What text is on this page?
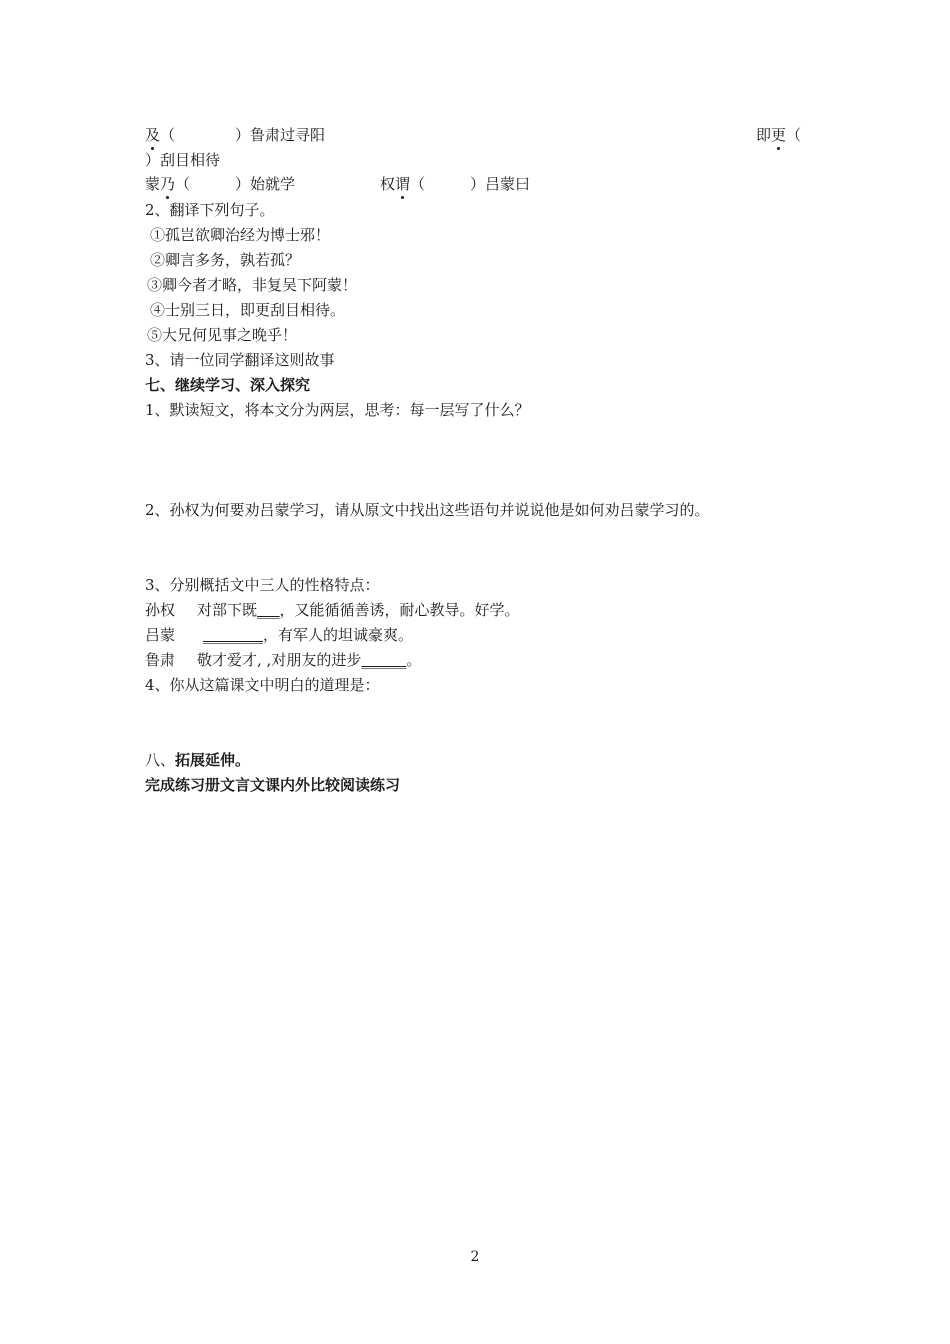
及（　　　　）鲁肃过寻阳	即更（
）刮目相待
蒙乃（　　　）始就学	权谓（　　　）吕蒙曰
2、翻译下列句子。
①孤岂欲卿治经为博士邪！
②卿言多务，孰若孤？
③卿今者才略，非复吴下阿蒙！
④士别三日，即更刮目相待。
⑤大兄何见事之晚乎！
3、请一位同学翻译这则故事
七、继续学习、深入探究
1、默读短文，将本文分为两层，思考：每一层写了什么？
2、孙权为何要劝吕蒙学习，请从原文中找出这些语句并说说他是如何劝吕蒙学习的。
3、分别概括文中三人的性格特点：
孙权 对部下既___，又能循循善诱，耐心教导。好学。
吕蒙 ________，有军人的坦诚豪爽。
鲁肃 敬才爱才, ,对朋友的进步______。
4、你从这篇课文中明白的道理是：
八、拓展延伸。
完成练习册文言文课内外比较阅读练习
2
